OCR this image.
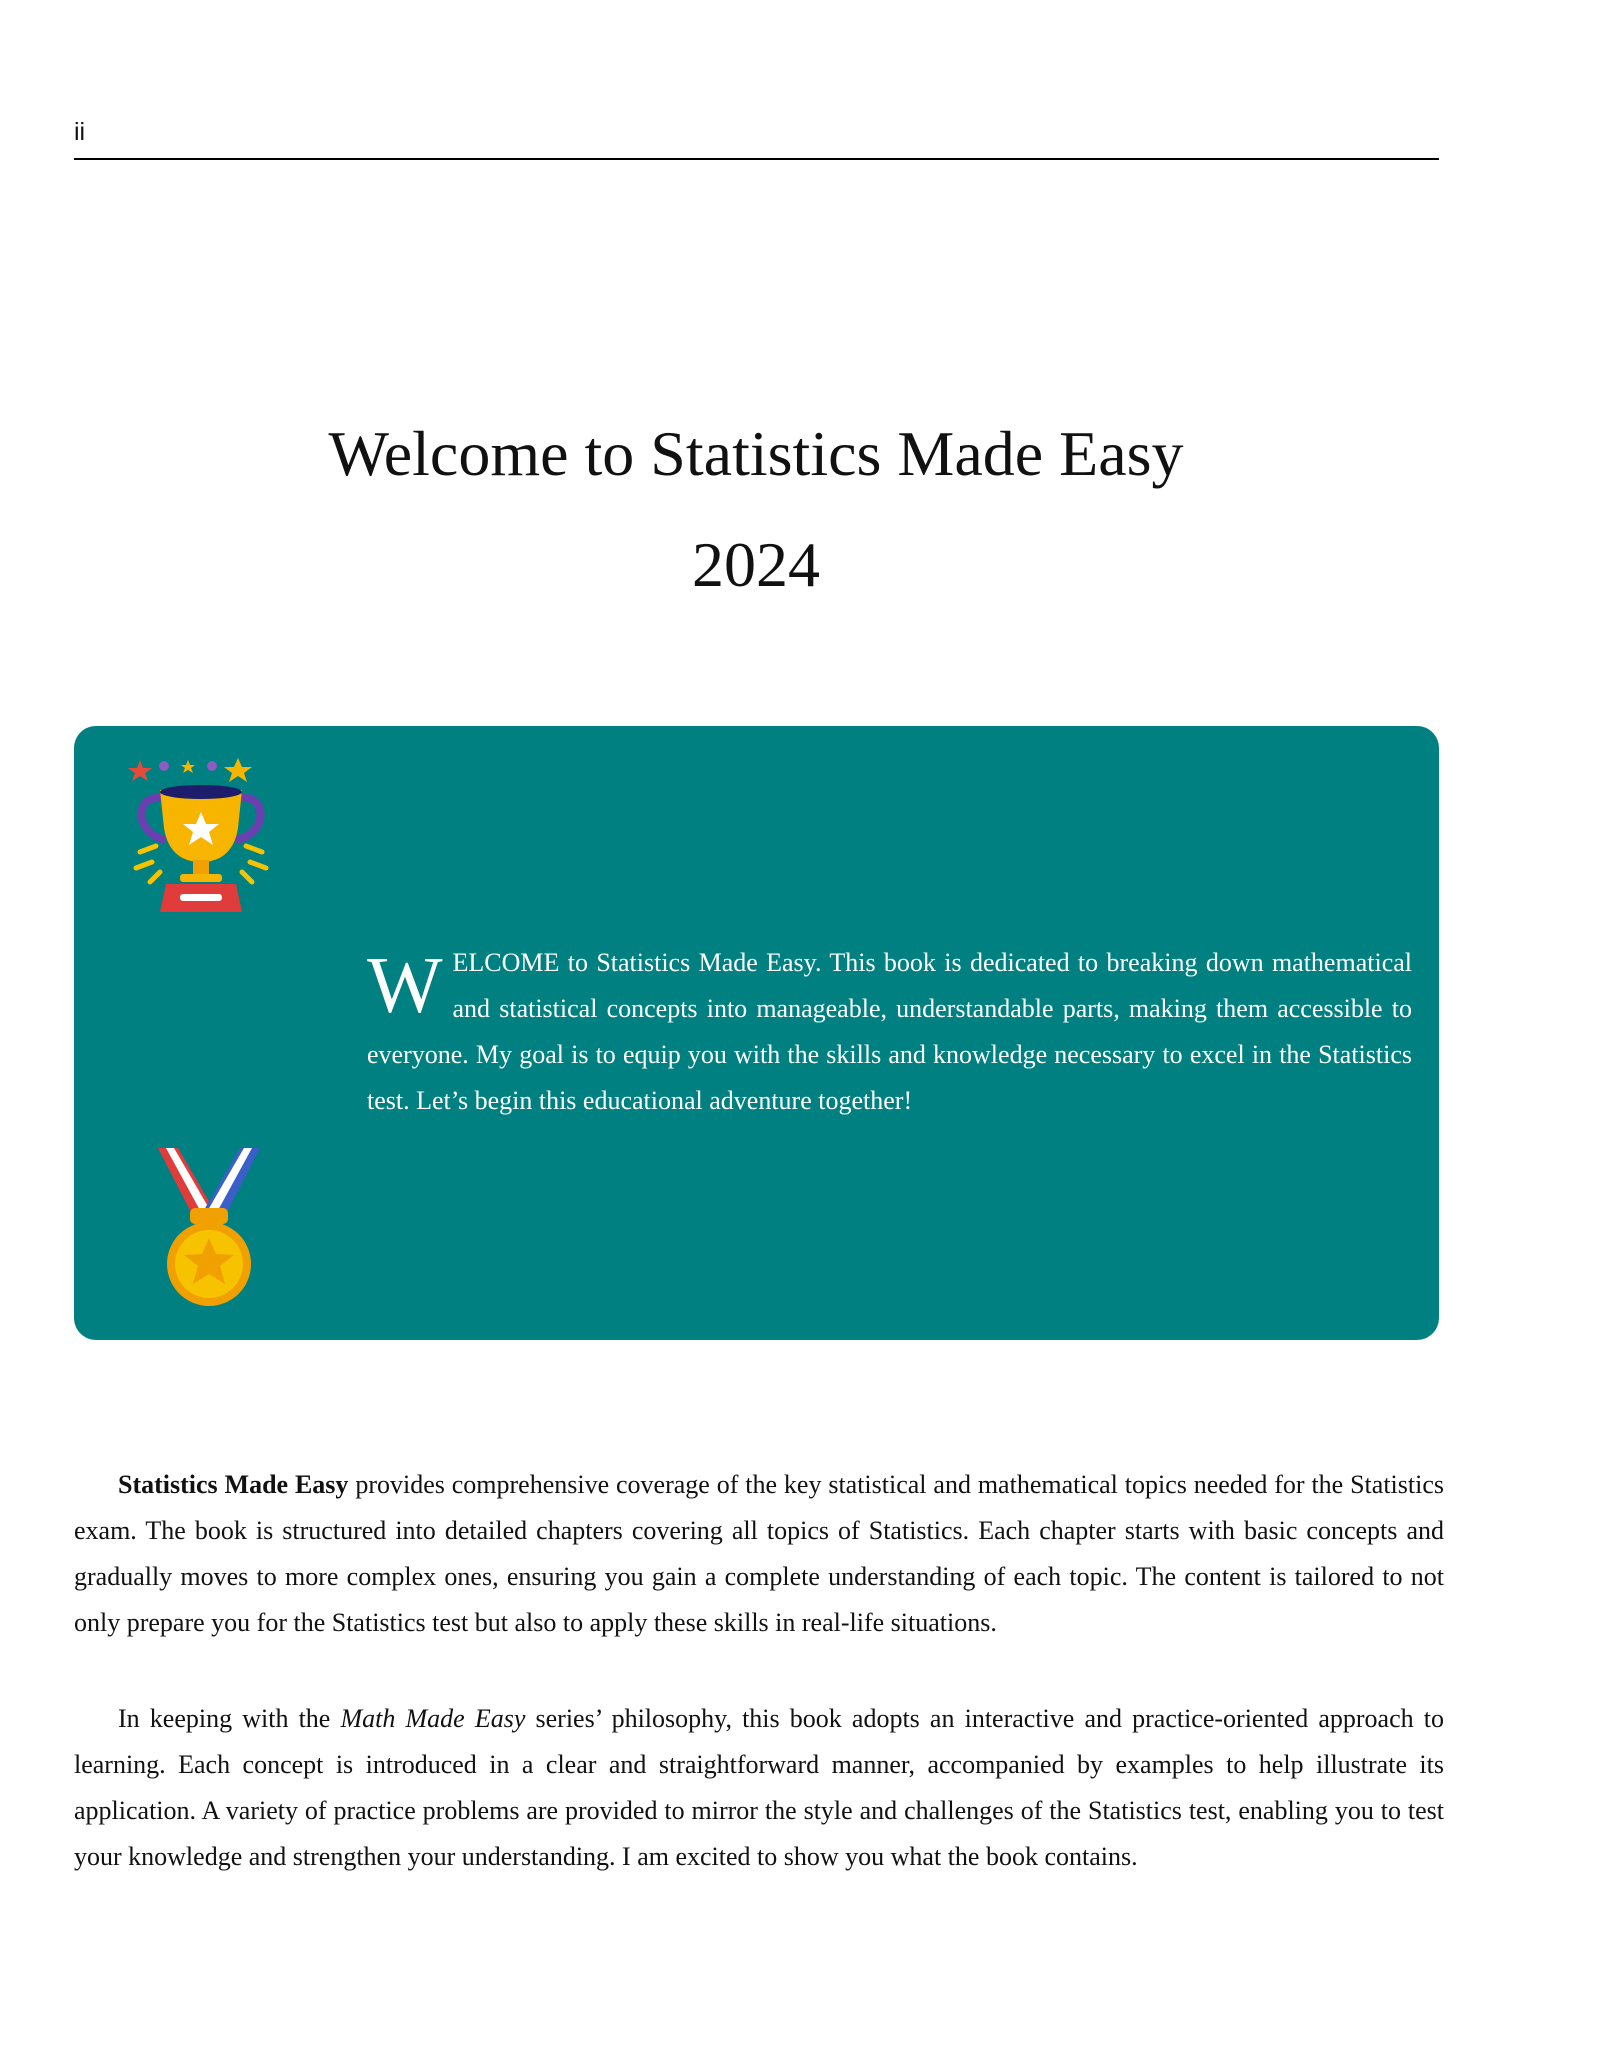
ii
Welcome to Statistics Made Easy
2024
WELCOME to Statistics Made Easy. This book is dedicated to breaking down mathematical and statistical concepts into manageable, understandable parts, making them accessible to everyone. My goal is to equip you with the skills and knowledge necessary to excel in the Statistics test. Let’s begin this educational adventure together!

Statistics Made Easy provides comprehensive coverage of the key statistical and mathematical topics needed for the Statistics exam. The book is structured into detailed chapters covering all topics of Statistics. Each chapter starts with basic concepts and gradually moves to more complex ones, ensuring you gain a complete understanding of each topic. The content is tailored to not only prepare you for the Statistics test but also to apply these skills in real-life situations.

In keeping with the Math Made Easy series’ philosophy, this book adopts an interactive and practice-oriented approach to learning. Each concept is introduced in a clear and straightforward manner, accompanied by examples to help illustrate its application. A variety of practice problems are provided to mirror the style and challenges of the Statistics test, enabling you to test your knowledge and strengthen your understanding. I am excited to show you what the book contains.
